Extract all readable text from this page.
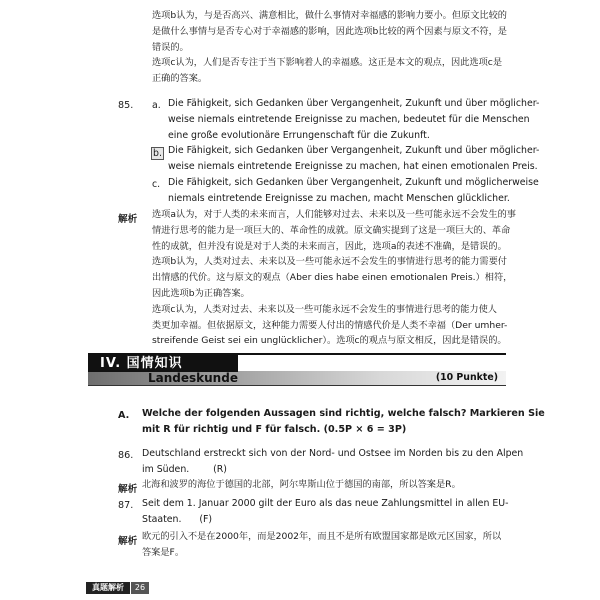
选项b认为，与是否高兴、满意相比，做什么事情对幸福感的影响力要小。但原文比较的
是做什么事情与是否专心对于幸福感的影响，因此选项b比较的两个因素与原文不符，是
错误的。
选项c认为，人们是否专注于当下影响着人的幸福感。这正是本文的观点，因此选项c是
正确的答案。
85. a. Die Fähigkeit, sich Gedanken über Vergangenheit, Zukunft und über möglicher-
weise niemals eintretende Ereignisse zu machen, bedeutet für die Menschen
eine große evolutionäre Errungenschaft für die Zukunft.
b. Die Fähigkeit, sich Gedanken über Vergangenheit, Zukunft und über möglicher-
weise niemals eintretende Ereignisse zu machen, hat einen emotionalen Preis.
c. Die Fähigkeit, sich Gedanken über Vergangenheit, Zukunft und möglicherweise
niemals eintretende Ereignisse zu machen, macht Menschen glücklicher.
解析 选项a认为，对于人类的未来而言，人们能够对过去、未来以及一些可能永远不会发生的事
情进行思考的能力是一项巨大的、革命性的成就。原文确实提到了这是一项巨大的、革命
性的成就，但并没有说是对于人类的未来而言，因此，选项a的表述不准确，是错误的。
选项b认为，人类对过去、未来以及一些可能永远不会发生的事情进行思考的能力需要付
出情感的代价。这与原文的观点（Aber dies habe einen emotionalen Preis.）相符，
因此选项b为正确答案。
选项c认为，人类对过去、未来以及一些可能永远不会发生的事情进行思考的能力使人
类更加幸福。但依据原文，这种能力需要人付出的情感代价是人类不幸福（Der umher-
streifende Geist sei ein unglücklicher）。选项c的观点与原文相反，因此是错误的。
IV. 国情知识
Landeskunde	(10 Punkte)
A. Welche der folgenden Aussagen sind richtig, welche falsch? Markieren Sie
mit R für richtig und F für falsch. (0.5P × 6 = 3P)
86. Deutschland erstreckt sich von der Nord- und Ostsee im Norden bis zu den Alpen
im Süden.        (R)
解析 北海和波罗的海位于德国的北部，阿尔卑斯山位于德国的南部，所以答案是R。
87. Seit dem 1. Januar 2000 gilt der Euro als das neue Zahlungsmittel in allen EU-
Staaten.      (F)
解析 欧元的引入不是在2000年，而是2002年，而且不是所有欧盟国家都是欧元区国家，所以
答案是F。
真题解析	26
